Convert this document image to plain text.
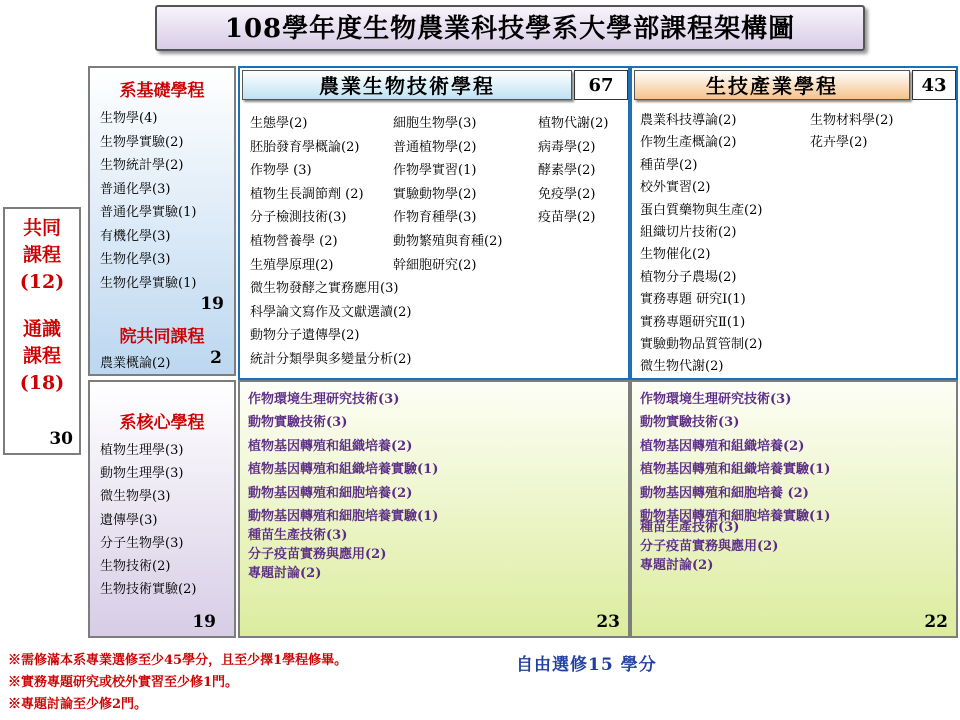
108學年度生物農業科技學系大學部課程架構圖
共同
課程
(12)
通識
課程
(18)
30
系基礎學程
生物學(4)
生物學實驗(2)
生物統計學(2)
普通化學(3)
普通化學實驗(1)
有機化學(3)
生物化學(3)
生物化學實驗(1)
19
院共同課程
農業概論(2) 2
系核心學程
植物生理學(3)
動物生理學(3)
微生物學(3)
遺傳學(3)
分子生物學(3)
生物技術(2)
生物技術實驗(2)
19
農業生物技術學程	67
生態學(2)
胚胎發育學概論(2)
作物學 (3)
植物生長調節劑 (2)
分子檢測技術(3)
植物營養學 (2)
生殖學原理(2)
細胞生物學(3)
普通植物學(2)
作物學實習(1)
實驗動物學(2)
作物育種學(3)
動物繁殖與育種(2)
幹細胞研究(2)
植物代謝(2)
病毒學(2)
酵素學(2)
免疫學(2)
疫苗學(2)
微生物發酵之實務應用(3)
科學論文寫作及文獻選讀(2)
動物分子遺傳學(2)
統計分類學與多變量分析(2)
作物環境生理研究技術(3)
動物實驗技術(3)
植物基因轉殖和組織培養(2)
植物基因轉殖和組織培養實驗(1)
動物基因轉殖和細胞培養(2)
動物基因轉殖和細胞培養實驗(1)
種苗生產技術(3)
分子疫苗實務與應用(2)
專題討論(2)
23
生技產業學程	43
農業科技導論(2)
作物生產概論(2)
種苗學(2)
校外實習(2)
蛋白質藥物與生產(2)
組織切片技術(2)
生物催化(2)
植物分子農場(2)
實務專題 研究Ⅰ(1)
實務專題研究Ⅱ(1)
實驗動物品質管制(2)
微生物代謝(2)
生物材料學(2)
花卉學(2)
作物環境生理研究技術(3)
動物實驗技術(3)
植物基因轉殖和組織培養(2)
植物基因轉殖和組織培養實驗(1)
動物基因轉殖和細胞培養 (2)
動物基因轉殖和細胞培養實驗(1)
種苗生產技術(3)
分子疫苗實務與應用(2)
專題討論(2)
22
※需修滿本系專業選修至少45學分，且至少擇1學程修畢。
※實務專題研究或校外實習至少修1門。
※專題討論至少修2門。
自由選修15 學分
